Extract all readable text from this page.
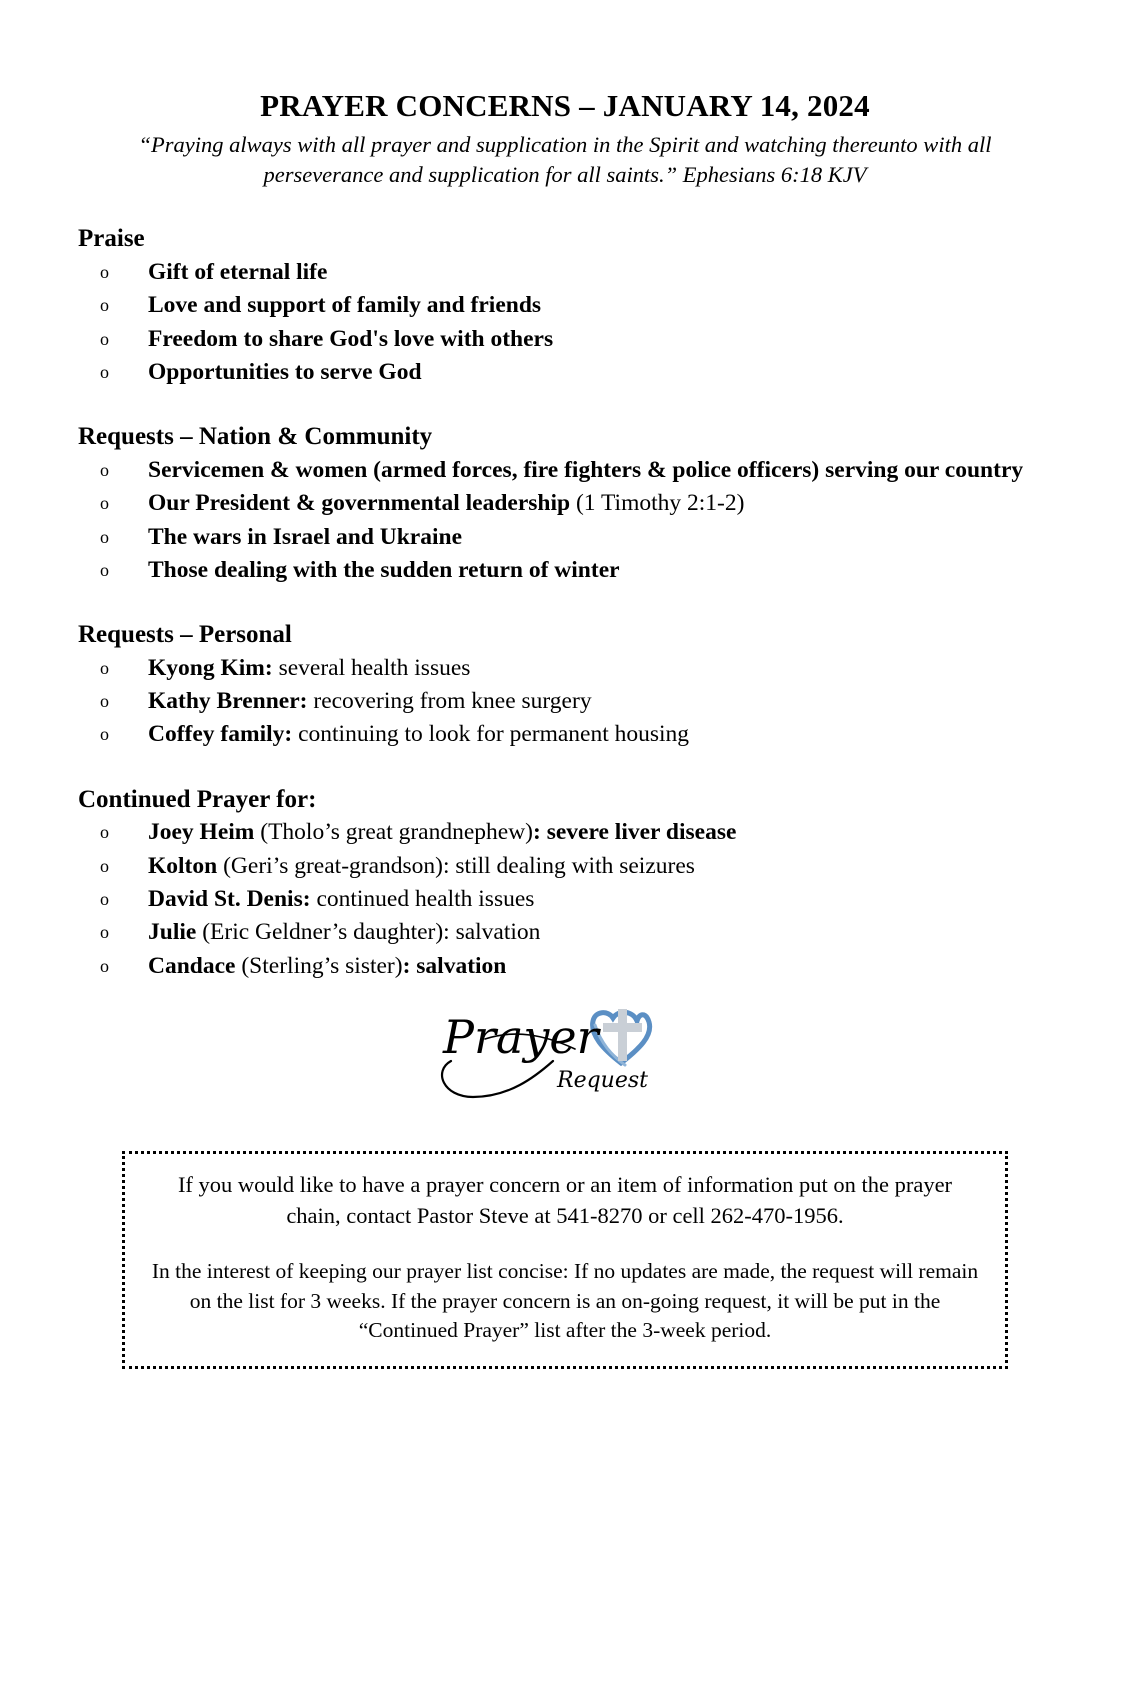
PRAYER CONCERNS – JANUARY 14, 2024
“Praying always with all prayer and supplication in the Spirit and watching thereunto with all
perseverance and supplication for all saints.” Ephesians 6:18 KJV
Praise
o Gift of eternal life
o Love and support of family and friends
o Freedom to share God's love with others
o Opportunities to serve God
Requests – Nation & Community
o Servicemen & women (armed forces, fire fighters & police officers) serving our country
o Our President & governmental leadership (1 Timothy 2:1-2)
o The wars in Israel and Ukraine
o Those dealing with the sudden return of winter
Requests – Personal
o Kyong Kim: several health issues
o Kathy Brenner: recovering from knee surgery
o Coffey family: continuing to look for permanent housing
Continued Prayer for:
o Joey Heim (Tholo’s great grandnephew): severe liver disease
o Kolton (Geri’s great-grandson): still dealing with seizures
o David St. Denis: continued health issues
o Julie (Eric Geldner’s daughter): salvation
o Candace (Sterling’s sister): salvation
Prayer
Request

If you would like to have a prayer concern or an item of information put on the prayer chain, contact Pastor Steve at 541-8270 or cell 262-470-1956.

In the interest of keeping our prayer list concise: If no updates are made, the request will remain on the list for 3 weeks. If the prayer concern is an on-going request, it will be put in the “Continued Prayer” list after the 3-week period.
